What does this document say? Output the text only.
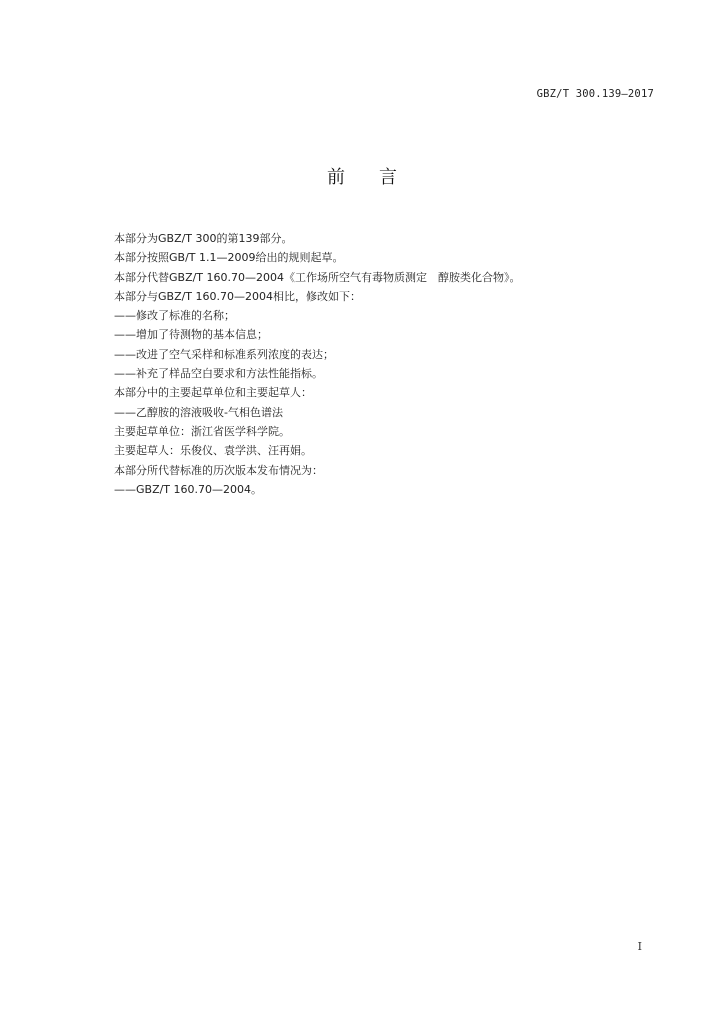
GBZ/T 300.139—2017
前言
本部分为GBZ/T 300的第139部分。
本部分按照GB/T 1.1—2009给出的规则起草。
本部分代替GBZ/T 160.70—2004《工作场所空气有毒物质测定　醇胺类化合物》。
本部分与GBZ/T 160.70—2004相比，修改如下：
——修改了标准的名称；
——增加了待测物的基本信息；
——改进了空气采样和标准系列浓度的表达；
——补充了样品空白要求和方法性能指标。
本部分中的主要起草单位和主要起草人：
——乙醇胺的溶液吸收-气相色谱法
主要起草单位：浙江省医学科学院。
主要起草人：乐俊仪、袁学洪、汪再娟。
本部分所代替标准的历次版本发布情况为：
——GBZ/T 160.70—2004。
I
